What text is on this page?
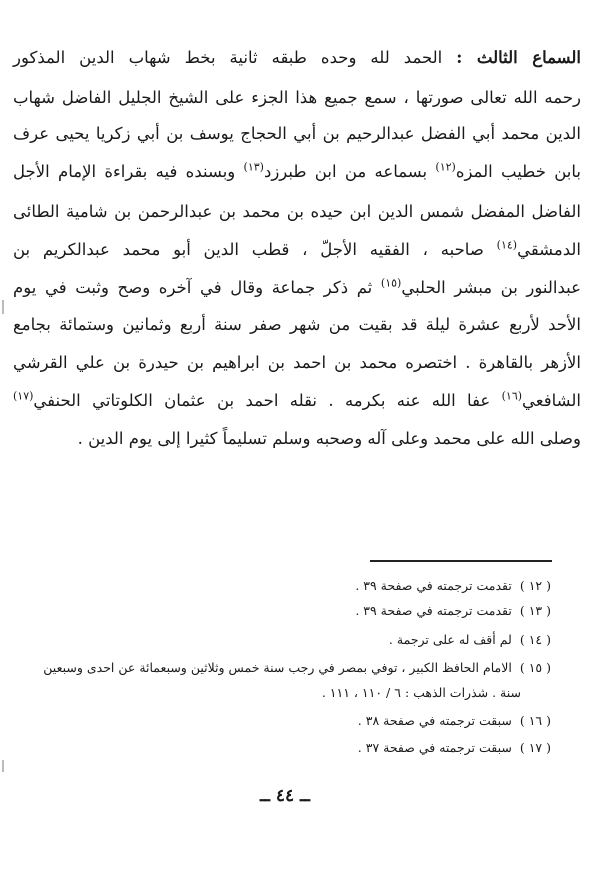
السماع الثالث : الحمد لله وحده طبقه ثانية بخط شهاب الدين المذكور
رحمه الله تعالى صورتها ، سمع جميع هذا الجزء على الشيخ الجليل الفاضل شهاب
الدين محمد أبي الفضل عبدالرحيم بن أبي الحجاج يوسف بن أبي زكريا يحيى عرف
بابن خطيب المزه$^{(١٢)}$ بسماعه من ابن طبرزد$^{(١٣)}$ وبسنده فيه بقراءة الإمام الأجل
الفاضل المفضل شمس الدين ابن حيده بن محمد بن عبدالرحمن بن شامية الطائى
الدمشقي$^{(١٤)}$ صاحبه ، الفقيه الأجلّ ، قطب الدين أبو محمد عبدالكريم بن
عبدالنور بن مبشر الحلبي$^{(١٥)}$ ثم ذكر جماعة وقال في آخره وصح وثبت في يوم
الأحد لأربع عشرة ليلة قد بقيت من شهر صفر سنة أربع وثمانين وستمائة بجامع
الأزهر بالقاهرة . اختصره محمد بن احمد بن ابراهيم بن حيدرة بن علي القرشي
الشافعي$^{(١٦)}$ عفا الله عنه بكرمه . نقله احمد بن عثمان الكلوتاتي الحنفي$^{(١٧)}$
وصلى الله على محمد وعلى آله وصحبه وسلم تسليماً كثيرا إلى يوم الدين .
( ١٢ )تقدمت ترجمته في صفحة ٣٩ .
( ١٣ )تقدمت ترجمته في صفحة ٣٩ .
( ١٤ )لم أقف له على ترجمة .
( ١٥ )الامام الحافظ الكبير ، توفي بمصر في رجب سنة خمس وثلاثين وسبعمائة عن احدى وسبعين
سنة . شذرات الذهب : ٦ / ١١٠ ، ١١١ .
( ١٦ )سبقت ترجمته في صفحة ٣٨ .
( ١٧ )سبقت ترجمته في صفحة ٣٧ .
ــ ٤٤ ــ
